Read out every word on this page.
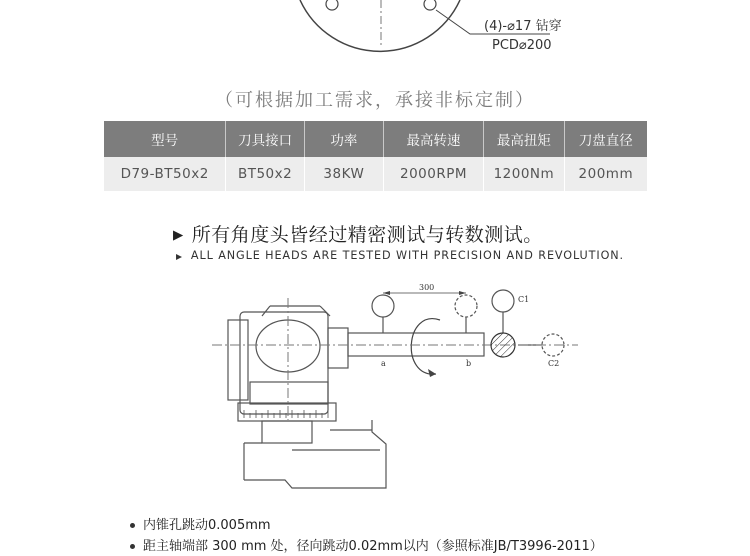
(4)-⌀17 钻穿
PCD⌀200
（可根据加工需求，承接非标定制）
型号	刀具接口	功率	最高转速	最高扭矩	刀盘直径
D79-BT50x2	BT50x2	38KW	2000RPM	1200Nm	200mm
▶ 所有角度头皆经过精密测试与转数测试。
▶ ALL ANGLE HEADS ARE TESTED WITH PRECISION AND REVOLUTION.
300
a	b
C1
C2
内锥孔跳动0.005mm
距主轴端部 300 mm 处，径向跳动0.02mm以内（参照标准JB/T3996-2011）
